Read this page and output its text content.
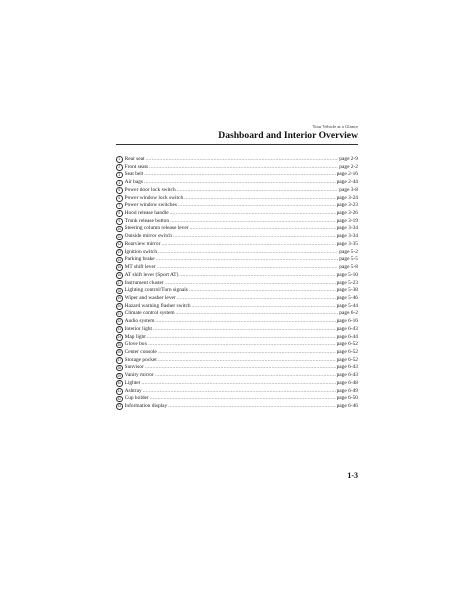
Your Vehicle at a Glance
Dashboard and Interior Overview
1 Rear seat .....	page 2-9
2 Front seats .....	page 2-2
3 Seat belt .....	page 2-16
4 Air bags .....	page 2-44
5 Power door lock switch .....	page 3-8
6 Power window lock switch .....	page 3-24
7 Power window switches .....	page 3-23
8 Hood release handle .....	page 3-26
9 Trunk release button .....	page 3-19
10 Steering column release lever .....	page 3-34
11 Outside mirror switch .....	page 3-34
12 Rearview mirror .....	page 3-35
13 Ignition switch .....	page 5-2
14 Parking brake .....	page 5-5
15 MT shift lever .....	page 5-8
16 AT shift lever (Sport AT) .....	page 5-10
17 Instrument cluster .....	page 5-23
18 Lighting control/Turn signals .....	page 5-38
19 Wiper and washer lever .....	page 5-46
20 Hazard warning flasher switch .....	page 5-44
21 Climate control system .....	page 6-2
22 Audio system .....	page 6-16
23 Interior light .....	page 6-43
24 Map light .....	page 6-44
25 Glove box .....	page 6-52
26 Center console .....	page 6-52
27 Storage pocket .....	page 6-52
28 Sunvisor .....	page 6-43
29 Vanity mirror .....	page 6-43
30 Lighter .....	page 6-48
31 Ashtray .....	page 6-49
32 Cup holder .....	page 6-50
33 Information display .....	page 6-46
1-3
